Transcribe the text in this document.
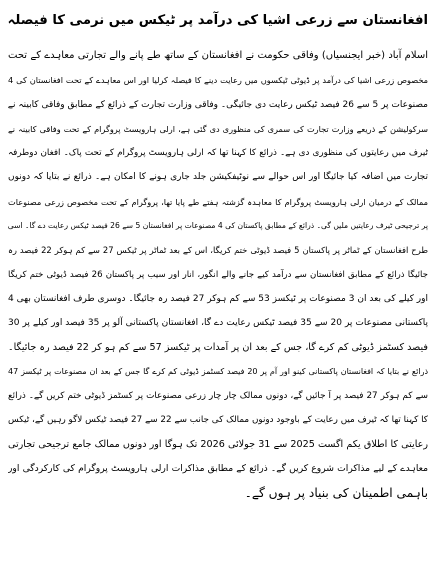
افغانستان سے زرعی اشیا کی درآمد پر ٹیکس میں نرمی کا فیصلہ
اسلام آباد (خبر ایجنسیاں) وفاقی حکومت نے افغانستان کے ساتھ طے پانے والے تجارتی معاہدے کے تحت
مخصوص زرعی اشیا کی درآمد پر ڈیوٹی ٹیکسوں میں رعایت دینے کا فیصلہ کرلیا اور اس معاہدے کے تحت افغانستان کی 4
مصنوعات پر 5 سے 26 فیصد ٹیکس رعایت دی جائیگی۔ وفاقی وزارت تجارت کے ذرائع کے مطابق وفاقی کابینہ نے
سرکولیشن کے ذریعے وزارت تجارت کی سمری کی منظوری دی گئی ہے، ارلی ہارویسٹ پروگرام کے تحت وفاقی کابینہ نے
ٹیرف میں رعایتوں کی منظوری دی ہے۔ ذرائع کا کہنا تھا کہ ارلی ہارویسٹ پروگرام کے تحت پاک۔ افغان دوطرفہ
تجارت میں اضافہ کیا جائیگا اور اس حوالے سے نوٹیفکیشن جلد جاری ہونے کا امکان ہے۔ ذرائع نے بتایا کہ دونوں
ممالک کے درمیان ارلی ہارویسٹ پروگرام کا معاہدہ گزشتہ ہفتے طے پایا تھا، پروگرام کے تحت مخصوص زرعی مصنوعات
پر ترجیحی ٹیرف رعایتیں ملیں گی۔ ذرائع کے مطابق پاکستان کی 4 مصنوعات پر افغانستان 5 سے 26 فیصد ٹیکس رعایت دے گا۔ اسی
طرح افغانستان کے ٹماٹر پر پاکستان 5 فیصد ڈیوٹی ختم کریگا، اس کے بعد ٹماٹر پر ٹیکس 27 سے کم ہوکر 22 فیصد رہ
جائیگا ذرائع کے مطابق افغانستان سے درآمد کیے جانے والے انگور، انار اور سیب پر پاکستان 26 فیصد ڈیوٹی ختم کریگا
اور کیلے کی بعد ان 3 مصنوعات پر ٹیکسز 53 سے کم ہوکر 27 فیصد رہ جائیگا۔ دوسری طرف افغانستان بھی 4
پاکستانی مصنوعات پر 20 سے 35 فیصد ٹیکس رعایت دے گا، افغانستان پاکستانی آلو پر 35 فیصد اور کیلے پر 30
فیصد کسٹمز ڈیوٹی کم کرے گا، جس کے بعد ان پر آمدات پر ٹیکسز 57 سے کم ہو کر 22 فیصد رہ جائیگا۔
ذرائع نے بتایا کہ افغانستان پاکستانی کینو اور آم پر 20 فیصد کسٹمز ڈیوٹی کم کرے گا جس کے بعد ان مصنوعات پر ٹیکسز 47
سے کم ہوکر 27 فیصد پر آ جائیں گے، دونوں ممالک چار چار زرعی مصنوعات پر کسٹمز ڈیوٹی ختم کریں گے۔ ذرائع
کا کہنا تھا کہ ٹیرف میں رعایت کے باوجود دونوں ممالک کی جانب سے 22 سے 27 فیصد ٹیکس لاگو رہیں گے، ٹیکس
رعایتی کا اطلاق یکم اگست 2025 سے 31 جولائی 2026 تک ہوگا اور دونوں ممالک جامع ترجیحی تجارتی
معاہدے کے لیے مذاکرات شروع کریں گے۔ ذرائع کے مطابق مذاکرات ارلی ہارویسٹ پروگرام کی کارکردگی اور
باہمی اطمینان کی بنیاد پر ہوں گے۔
